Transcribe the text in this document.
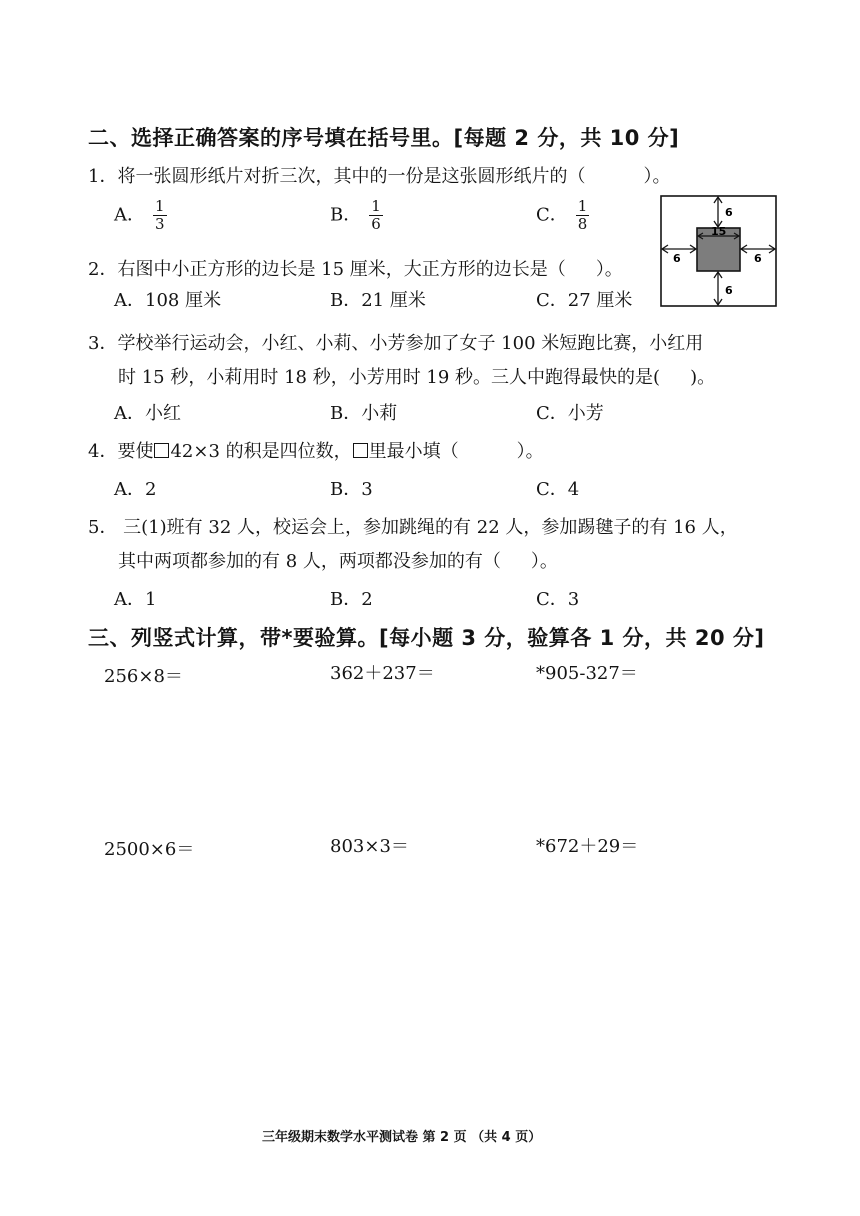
二、选择正确答案的序号填在括号里。[每题 2 分，共 10 分]
1．将一张圆形纸片对折三次，其中的一份是这张圆形纸片的（	）。
A． $\frac{1}{3}$	B． $\frac{1}{6}$	C． $\frac{1}{8}$	6
6
6	6
15
2．右图中小正方形的边长是 15 厘米，大正方形的边长是（ ）。
A．108 厘米	B．21 厘米	C．27 厘米
3．学校举行运动会，小红、小莉、小芳参加了女子 100 米短跑比赛，小红用
时 15 秒，小莉用时 18 秒，小芳用时 19 秒。三人中跑得最快的是( )。
A．小红	B．小莉	C．小芳
4．要使 42×3 的积是四位数， 里最小填（	）。
A．2	B．3	C．4
5． 三(1)班有 32 人，校运会上，参加跳绳的有 22 人，参加踢毽子的有 16 人，
其中两项都参加的有 8 人，两项都没参加的有（ ）。
A．1	B．2	C．3
三、列竖式计算，带*要验算。[每小题 3 分，验算各 1 分，共 20 分]
256×8＝	362＋237＝	*905-327＝
2500×6＝	803×3＝	*672＋29＝
三年级期末数学水平测试卷 第 2 页 （共 4 页）
